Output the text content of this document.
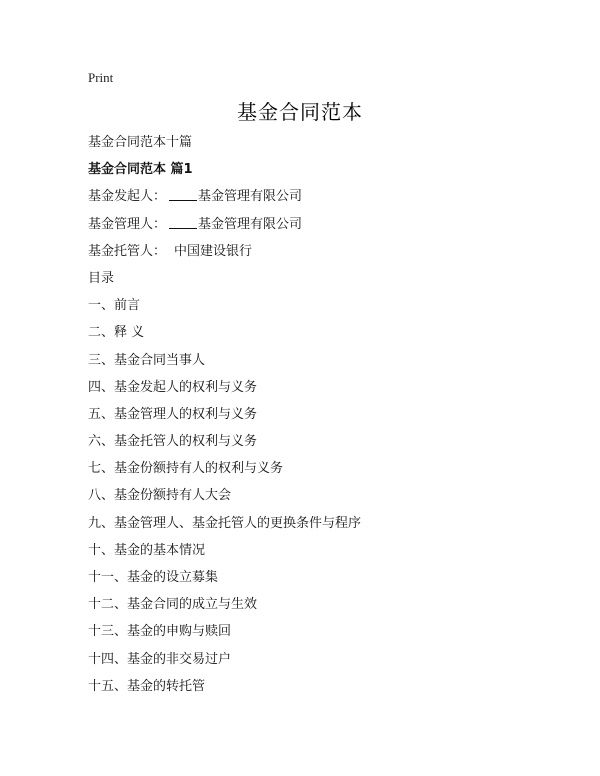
Print
基金合同范本
基金合同范本十篇
基金合同范本 篇1
基金发起人： 基金管理有限公司
基金管理人： 基金管理有限公司
基金托管人： 中国建设银行
目录
一、前言
二、释 义
三、基金合同当事人
四、基金发起人的权利与义务
五、基金管理人的权利与义务
六、基金托管人的权利与义务
七、基金份额持有人的权利与义务
八、基金份额持有人大会
九、基金管理人、基金托管人的更换条件与程序
十、基金的基本情况
十一、基金的设立募集
十二、基金合同的成立与生效
十三、基金的申购与赎回
十四、基金的非交易过户
十五、基金的转托管
